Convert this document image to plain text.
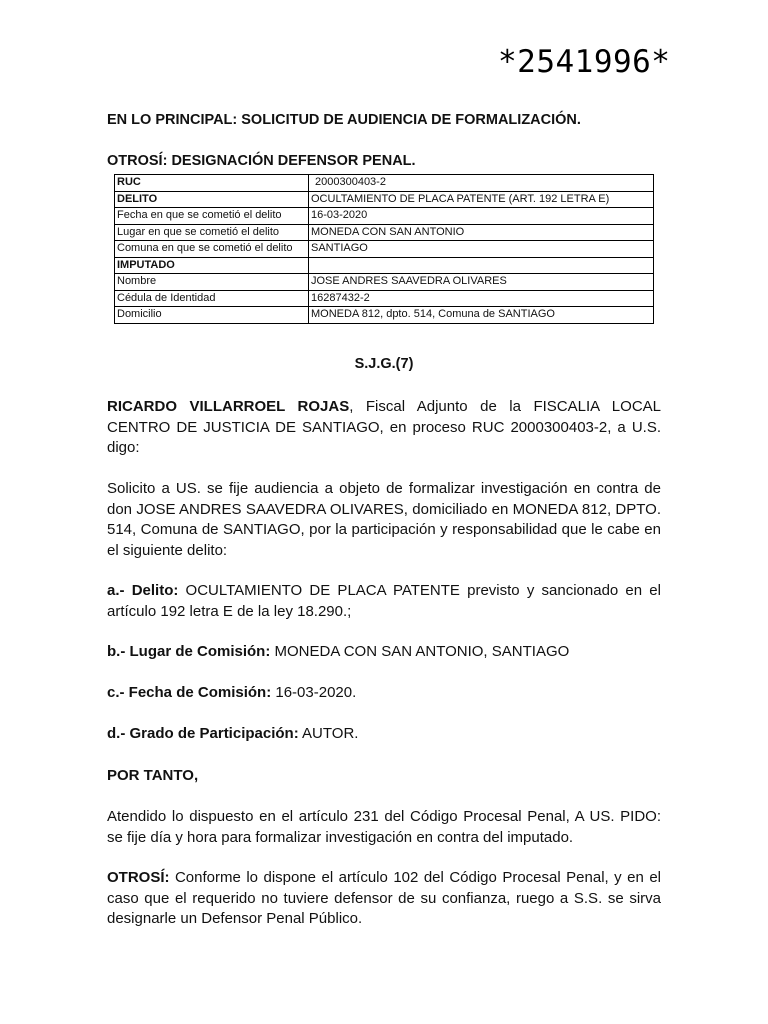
*2541996*
EN LO PRINCIPAL: SOLICITUD DE AUDIENCIA DE FORMALIZACIÓN.
OTROSÍ: DESIGNACIÓN DEFENSOR PENAL.
RUC	2000300403-2
DELITO	OCULTAMIENTO DE PLACA PATENTE (ART. 192 LETRA E)
Fecha en que se cometió el delito	16-03-2020
Lugar en que se cometió el delito	MONEDA CON SAN ANTONIO
Comuna en que se cometió el delito	SANTIAGO
IMPUTADO	
Nombre	JOSE ANDRES SAAVEDRA OLIVARES
Cédula de Identidad	16287432-2
Domicilio	MONEDA 812, dpto. 514, Comuna de SANTIAGO
S.J.G.(7)
RICARDO VILLARROEL ROJAS, Fiscal Adjunto de la FISCALIA LOCAL CENTRO DE JUSTICIA DE SANTIAGO, en proceso RUC 2000300403-2, a U.S. digo:
Solicito a US. se fije audiencia a objeto de formalizar investigación en contra de don JOSE ANDRES SAAVEDRA OLIVARES, domiciliado en MONEDA 812, DPTO. 514, Comuna de SANTIAGO, por la participación y responsabilidad que le cabe en el siguiente delito:
a.- Delito: OCULTAMIENTO DE PLACA PATENTE previsto y sancionado en el artículo 192 letra E de la ley 18.290.;
b.- Lugar de Comisión: MONEDA CON SAN ANTONIO, SANTIAGO
c.- Fecha de Comisión: 16-03-2020.
d.- Grado de Participación: AUTOR.
POR TANTO,
Atendido lo dispuesto en el artículo 231 del Código Procesal Penal, A US. PIDO: se fije día y hora para formalizar investigación en contra del imputado.
OTROSÍ: Conforme lo dispone el artículo 102 del Código Procesal Penal, y en el caso que el requerido no tuviere defensor de su confianza, ruego a S.S. se sirva designarle un Defensor Penal Público.
